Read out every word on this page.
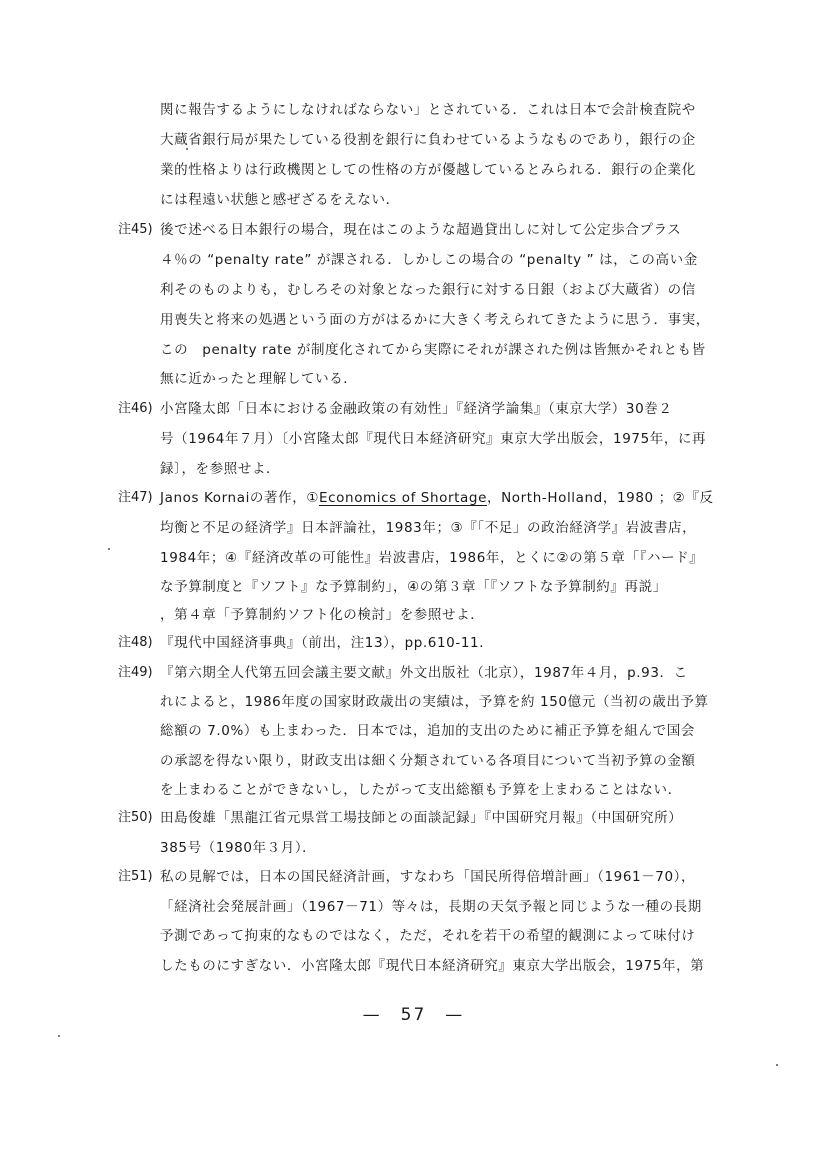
関に報告するようにしなければならない」とされている．これは日本で会計検査院や
大蔵省銀行局が果たしている役割を銀行に負わせているようなものであり，銀行の企
業的性格よりは行政機関としての性格の方が優越しているとみられる．銀行の企業化
には程遠い状態と感ぜざるをえない．
注45) 後で述べる日本銀行の場合，現在はこのような超過貸出しに対して公定歩合プラス
４％の “penalty rate” が課される．しかしこの場合の “penalty ” は，この高い金
利そのものよりも，むしろその対象となった銀行に対する日銀（および大蔵省）の信
用喪失と将来の処遇という面の方がはるかに大きく考えられてきたように思う．事実，
この　penalty rate が制度化されてから実際にそれが課された例は皆無かそれとも皆
無に近かったと理解している．
注46) 小宮隆太郎「日本における金融政策の有効性」『経済学論集』（東京大学）30巻２
号（1964年７月）〔小宮隆太郎『現代日本経済研究』東京大学出版会，1975年，に再
録〕，を参照せよ．
注47) Janos Kornaiの著作，①Economics of Shortage，North-Holland，1980 ；②『反
均衡と不足の経済学』日本評論社，1983年；③『「不足」の政治経済学』岩波書店，
1984年；④『経済改革の可能性』岩波書店，1986年，とくに②の第５章「『ハード』
な予算制度と『ソフト』な予算制約」，④の第３章「『ソフトな予算制約』再説」
，第４章「予算制約ソフト化の検討」を参照せよ．
注48) 『現代中国経済事典』（前出，注13），pp.610-11．
注49) 『第六期全人代第五回会議主要文献』外文出版社（北京），1987年４月，p.93．こ
れによると，1986年度の国家財政歳出の実績は，予算を約 150億元（当初の歳出予算
総額の 7.0%）も上まわった．日本では，追加的支出のために補正予算を組んで国会
の承認を得ない限り，財政支出は細く分類されている各項目について当初予算の金額
を上まわることができないし，したがって支出総額も予算を上まわることはない．
注50) 田島俊雄「黒龍江省元県営工場技師との面談記録」『中国研究月報』（中国研究所）
385号（1980年３月）．
注51) 私の見解では，日本の国民経済計画，すなわち「国民所得倍増計画」（1961－70），
「経済社会発展計画」（1967－71）等々は，長期の天気予報と同じような一種の長期
予測であって拘束的なものではなく，ただ，それを若干の希望的観測によって味付け
したものにすぎない．小宮隆太郎『現代日本経済研究』東京大学出版会，1975年，第
—　57　—
